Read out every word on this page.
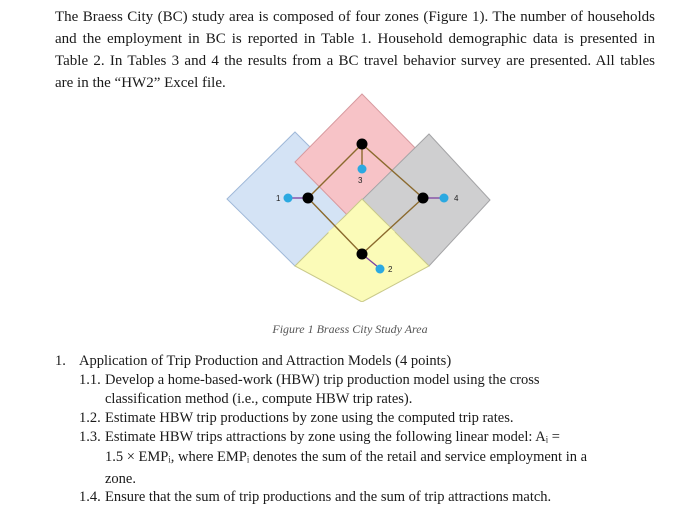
The Braess City (BC) study area is composed of four zones (Figure 1). The number of households
and the employment in BC is reported in Table 1. Household demographic data is presented in
Table 2. In Tables 3 and 4 the results from a BC travel behavior survey are presented. All tables
are in the “HW2” Excel file.
1
2
3
4
Figure 1 Braess City Study Area
1. Application of Trip Production and Attraction Models (4 points)
1.1. Develop a home-based-work (HBW) trip production model using the cross
classification method (i.e., compute HBW trip rates).
1.2. Estimate HBW trip productions by zone using the computed trip rates.
1.3. Estimate HBW trips attractions by zone using the following linear model: Aᵢ =
1.5 × EMPᵢ, where EMPᵢ denotes the sum of the retail and service employment in a
zone.
1.4. Ensure that the sum of trip productions and the sum of trip attractions match.
